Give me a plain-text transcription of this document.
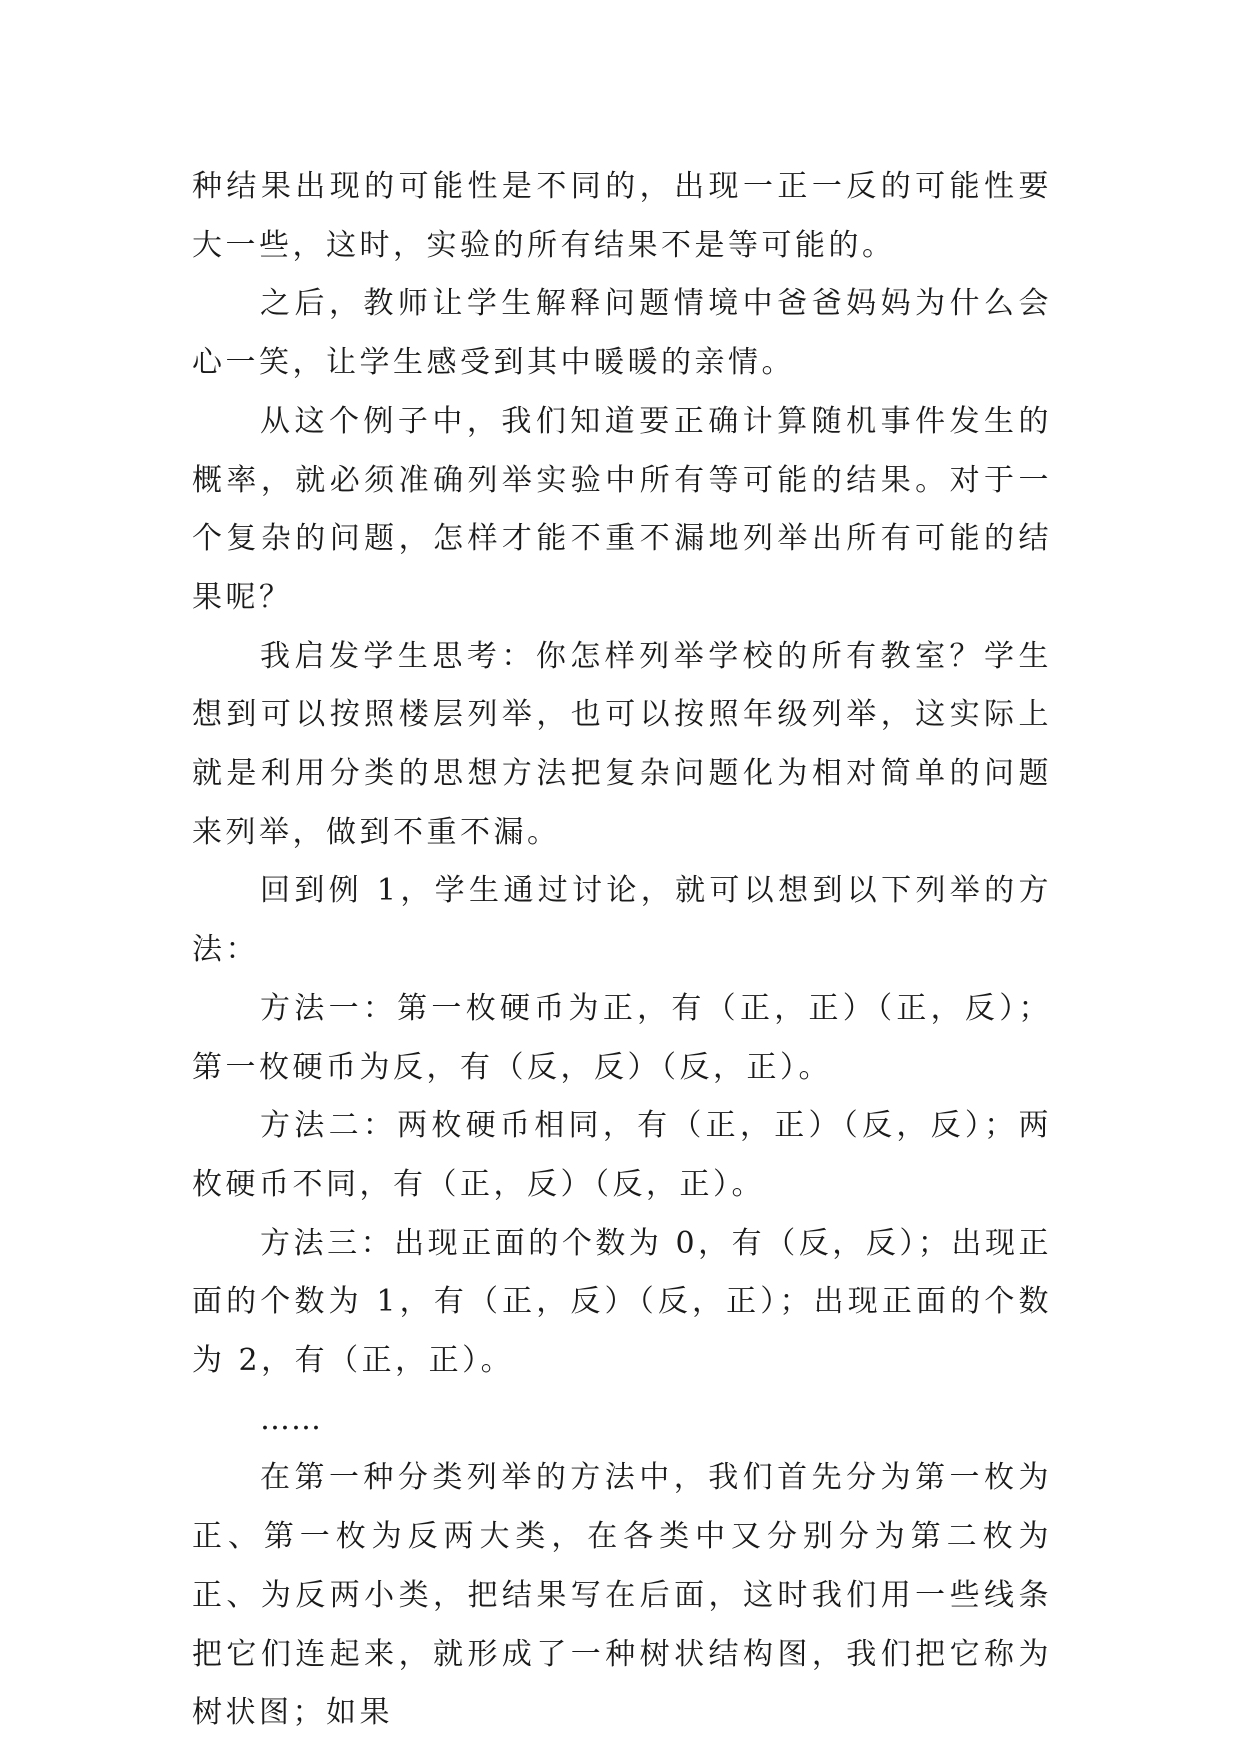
种结果出现的可能性是不同的，出现一正一反的可能性要大一些，这时，实验的所有结果不是等可能的。

之后，教师让学生解释问题情境中爸爸妈妈为什么会心一笑，让学生感受到其中暖暖的亲情。

从这个例子中，我们知道要正确计算随机事件发生的概率，就必须准确列举实验中所有等可能的结果。对于一个复杂的问题，怎样才能不重不漏地列举出所有可能的结果呢？

我启发学生思考：你怎样列举学校的所有教室？学生想到可以按照楼层列举，也可以按照年级列举，这实际上就是利用分类的思想方法把复杂问题化为相对简单的问题来列举，做到不重不漏。

回到例 1，学生通过讨论，就可以想到以下列举的方法：

方法一：第一枚硬币为正，有（正，正）（正，反）；第一枚硬币为反，有（反，反）（反，正）。

方法二：两枚硬币相同，有（正，正）（反，反）；两枚硬币不同，有（正，反）（反，正）。

方法三：出现正面的个数为 0，有（反，反）；出现正面的个数为 1，有（正，反）（反，正）；出现正面的个数为 2，有（正，正）。

……

在第一种分类列举的方法中，我们首先分为第一枚为正、第一枚为反两大类，在各类中又分别分为第二枚为正、为反两小类，把结果写在后面，这时我们用一些线条把它们连起来，就形成了一种树状结构图，我们把它称为树状图；如果
